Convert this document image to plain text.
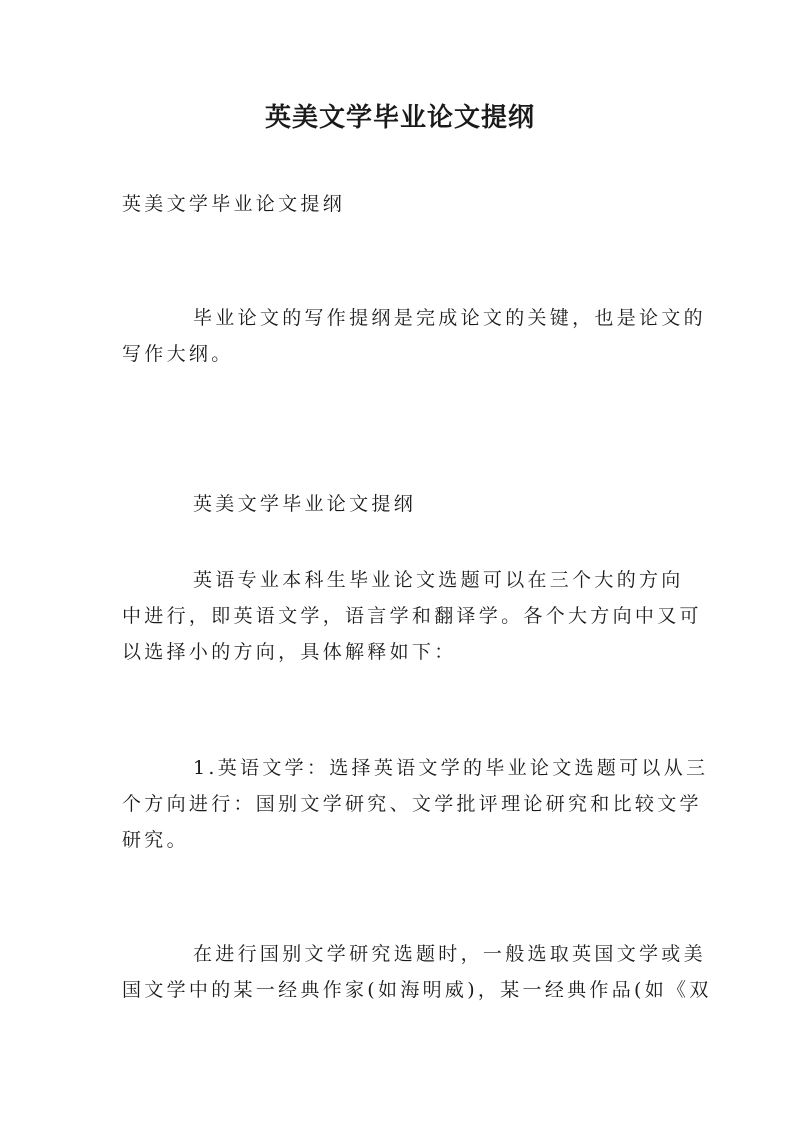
英美文学毕业论文提纲
英美文学毕业论文提纲
毕业论文的写作提纲是完成论文的关键，也是论文的
写作大纲。
英美文学毕业论文提纲
英语专业本科生毕业论文选题可以在三个大的方向
中进行，即英语文学，语言学和翻译学。各个大方向中又可
以选择小的方向，具体解释如下：
1.英语文学：选择英语文学的毕业论文选题可以从三
个方向进行：国别文学研究、文学批评理论研究和比较文学
研究。
在进行国别文学研究选题时，一般选取英国文学或美
国文学中的某一经典作家(如海明威)，某一经典作品(如《双
